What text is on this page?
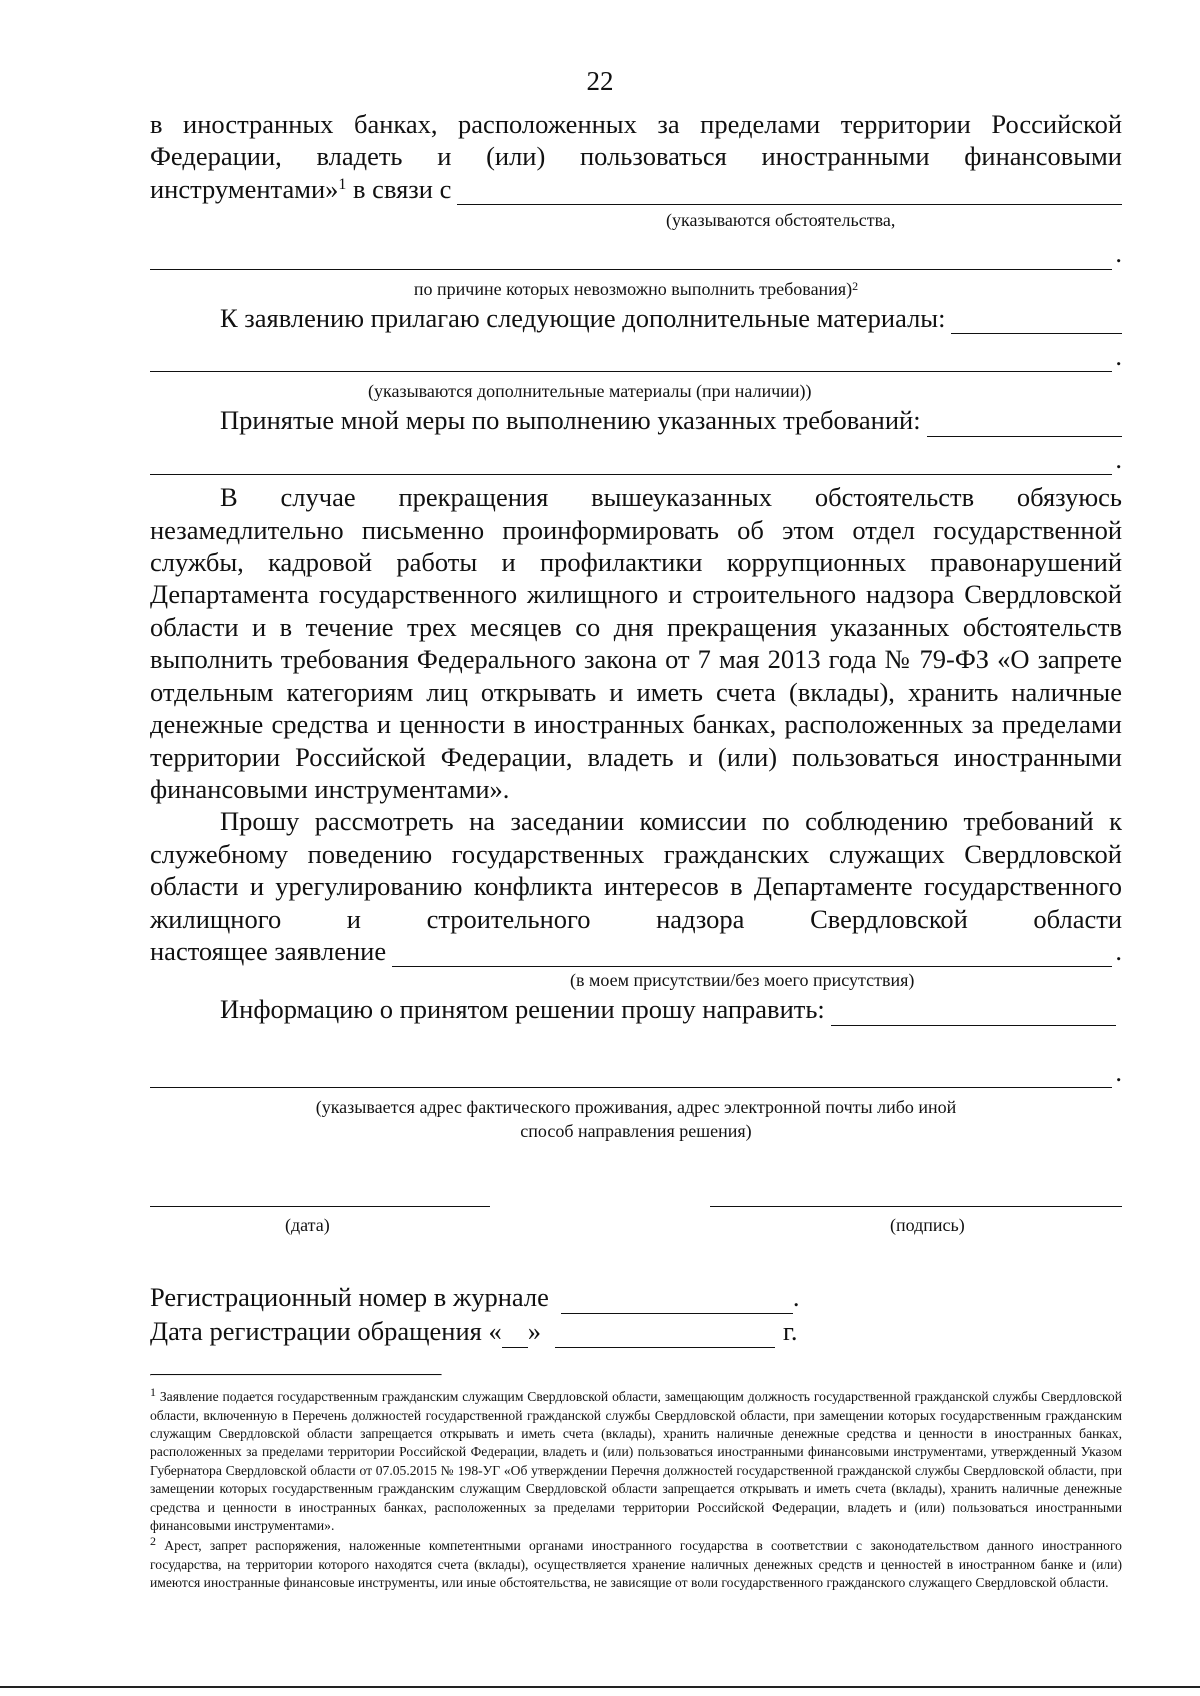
22

в иностранных банках, расположенных за пределами территории Российской

Федерации, владеть и (или) пользоваться иностранными финансовыми

инструментами»$^1$ в связи с

(указываются обстоятельства,

.

по причине которых невозможно выполнить требования)$^2$

К заявлению прилагаю следующие дополнительные материалы:
.

(указываются дополнительные материалы (при наличии))

Принятые мной меры по выполнению указанных требований:
.

В случае прекращения вышеуказанных обстоятельств обязуюсь незамедлительно письменно проинформировать об этом отдел государственной службы, кадровой работы и профилактики коррупционных правонарушений Департамента государственного жилищного и строительного надзора Свердловской области и в течение трех месяцев со дня прекращения указанных обстоятельств выполнить требования Федерального закона от 7 мая 2013 года № 79-ФЗ «О запрете отдельным категориям лиц открывать и иметь счета (вклады), хранить наличные денежные средства и ценности в иностранных банках, расположенных за пределами территории Российской Федерации, владеть и (или) пользоваться иностранными финансовыми инструментами».

Прошу рассмотреть на заседании комиссии по соблюдению требований к служебному поведению государственных гражданских служащих Свердловской области и урегулированию конфликта интересов в Департаменте государственного жилищного и строительного надзора Свердловской области

настоящее заявление	.

(в моем присутствии/без моего присутствия)

Информацию о принятом решении прошу направить:
.

(указывается адрес фактического проживания, адрес электронной почты либо иной

способ направления решения)

(дата)	(подпись)
Регистрационный номер в журнале	.
Дата регистрации обращения « »	г.

$^1$ Заявление подается государственным гражданским служащим Свердловской области, замещающим должность государственной гражданской службы Свердловской области, включенную в Перечень должностей государственной гражданской службы Свердловской области, при замещении которых государственным гражданским служащим Свердловской области запрещается открывать и иметь счета (вклады), хранить наличные денежные средства и ценности в иностранных банках, расположенных за пределами территории Российской Федерации, владеть и (или) пользоваться иностранными финансовыми инструментами, утвержденный Указом Губернатора Свердловской области от 07.05.2015 № 198-УГ «Об утверждении Перечня должностей государственной гражданской службы Свердловской области, при замещении которых государственным гражданским служащим Свердловской области запрещается открывать и иметь счета (вклады), хранить наличные денежные средства и ценности в иностранных банках, расположенных за пределами территории Российской Федерации, владеть и (или) пользоваться иностранными финансовыми инструментами».

$^2$ Арест, запрет распоряжения, наложенные компетентными органами иностранного государства в соответствии с законодательством данного иностранного государства, на территории которого находятся счета (вклады), осуществляется хранение наличных денежных средств и ценностей в иностранном банке и (или) имеются иностранные финансовые инструменты, или иные обстоятельства, не зависящие от воли государственного гражданского служащего Свердловской области.
